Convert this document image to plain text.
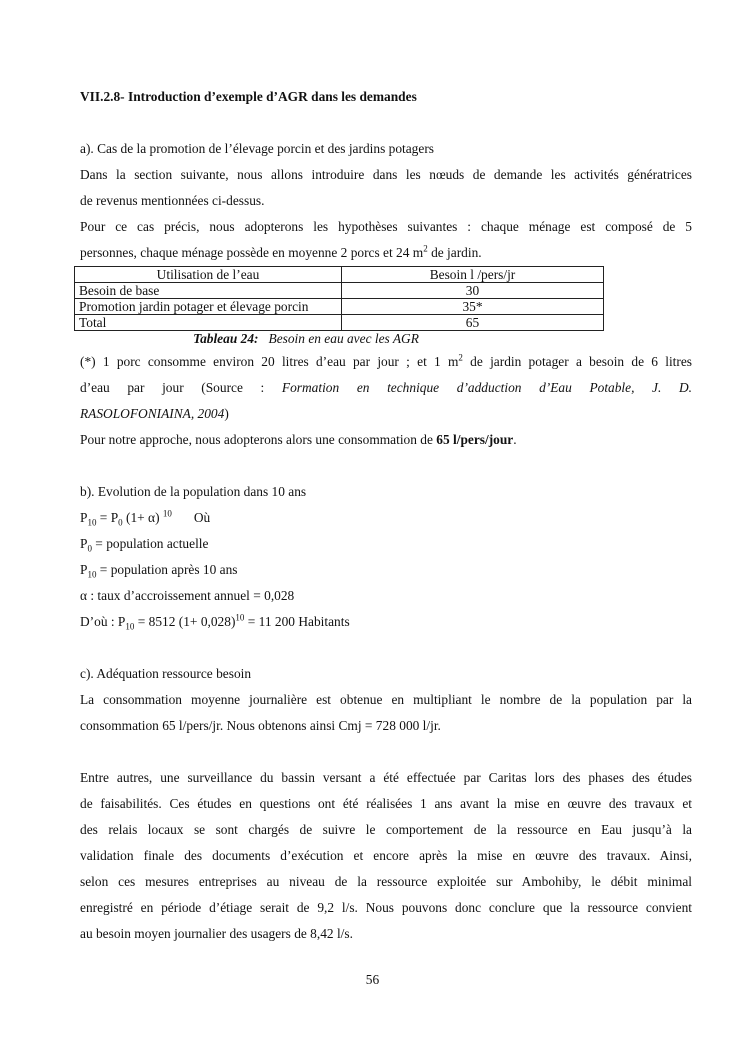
VII.2.8- Introduction d’exemple d’AGR dans les demandes
a). Cas de la promotion de l’élevage porcin et des jardins potagers
Dans la section suivante, nous allons introduire dans les nœuds de demande les activités génératrices
de revenus mentionnées ci-dessus.
Pour ce cas précis, nous adopterons les hypothèses suivantes : chaque ménage est composé de 5
personnes, chaque ménage possède en moyenne 2 porcs et 24 $m^2$ de jardin.
Utilisation de l’eau	Besoin l /pers/jr
Besoin de base	30
Promotion jardin potager et élevage porcin	35*
Total	65
Tableau 24: Besoin en eau avec les AGR
(*) 1 porc consomme environ 20 litres d’eau par jour ; et 1 $m^2$ de jardin potager a besoin de 6 litres
d’eau par jour (Source : Formation en technique d’adduction d’Eau Potable, J. D.
RASOLOFONIAINA, 2004)
Pour notre approche, nous adopterons alors une consommation de 65 l/pers/jour.
b). Evolution de la population dans 10 ans
$P_{10} = P_0$ (1+ α) $^{10}$ Où
$P_0$ = population actuelle
$P_{10}$ = population après 10 ans
α : taux d’accroissement annuel = 0,028
D’où : $P_{10} = 8512$ $(1+ 0,028)^{10} = 11$ 200 Habitants
c). Adéquation ressource besoin
La consommation moyenne journalière est obtenue en multipliant le nombre de la population par la
consommation 65 l/pers/jr. Nous obtenons ainsi Cmj = 728 000 l/jr.
Entre autres, une surveillance du bassin versant a été effectuée par Caritas lors des phases des études
de faisabilités. Ces études en questions ont été réalisées 1 ans avant la mise en œuvre des travaux et
des relais locaux se sont chargés de suivre le comportement de la ressource en Eau jusqu’à la
validation finale des documents d’exécution et encore après la mise en œuvre des travaux. Ainsi,
selon ces mesures entreprises au niveau de la ressource exploitée sur Ambohiby, le débit minimal
enregistré en période d’étiage serait de 9,2 l/s. Nous pouvons donc conclure que la ressource convient
au besoin moyen journalier des usagers de 8,42 l/s.
56
